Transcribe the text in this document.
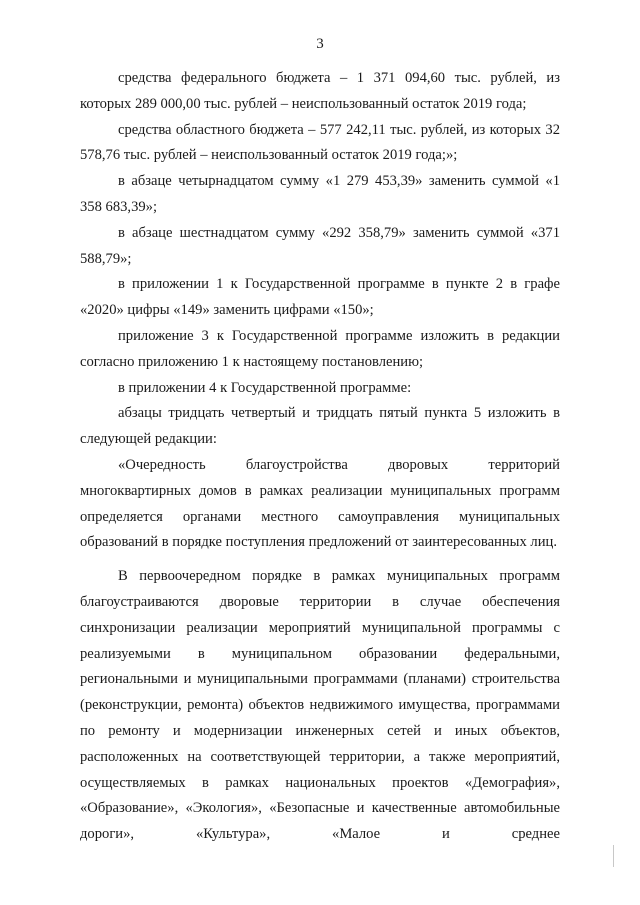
3

средства федерального бюджета – 1 371 094,60 тыс. рублей, из которых 289 000,00 тыс. рублей – неиспользованный остаток 2019 года;

средства областного бюджета – 577 242,11 тыс. рублей, из которых 32 578,76 тыс. рублей – неиспользованный остаток 2019 года;»;

в абзаце четырнадцатом сумму «1 279 453,39» заменить суммой «1 358 683,39»;

в абзаце шестнадцатом сумму «292 358,79» заменить суммой «371 588,79»;

в приложении 1 к Государственной программе в пункте 2 в графе «2020» цифры «149» заменить цифрами «150»;

приложение 3 к Государственной программе изложить в редакции согласно приложению 1 к настоящему постановлению;

в приложении 4 к Государственной программе:

абзацы тридцать четвертый и тридцать пятый пункта 5 изложить в следующей редакции:

«Очередность благоустройства дворовых территорий многоквартирных домов в рамках реализации муниципальных программ определяется органами местного самоуправления муниципальных образований в порядке поступления предложений от заинтересованных лиц.

В первоочередном порядке в рамках муниципальных программ благоустраиваются дворовые территории в случае обеспечения синхронизации реализации мероприятий муниципальной программы с реализуемыми в муниципальном образовании федеральными, региональными и муниципальными программами (планами) строительства (реконструкции, ремонта) объектов недвижимого имущества, программами по ремонту и модернизации инженерных сетей и иных объектов, расположенных на соответствующей территории, а также мероприятий, осуществляемых в рамках национальных проектов «Демография», «Образование», «Экология», «Безопасные и качественные автомобильные дороги», «Культура», «Малое и среднее
